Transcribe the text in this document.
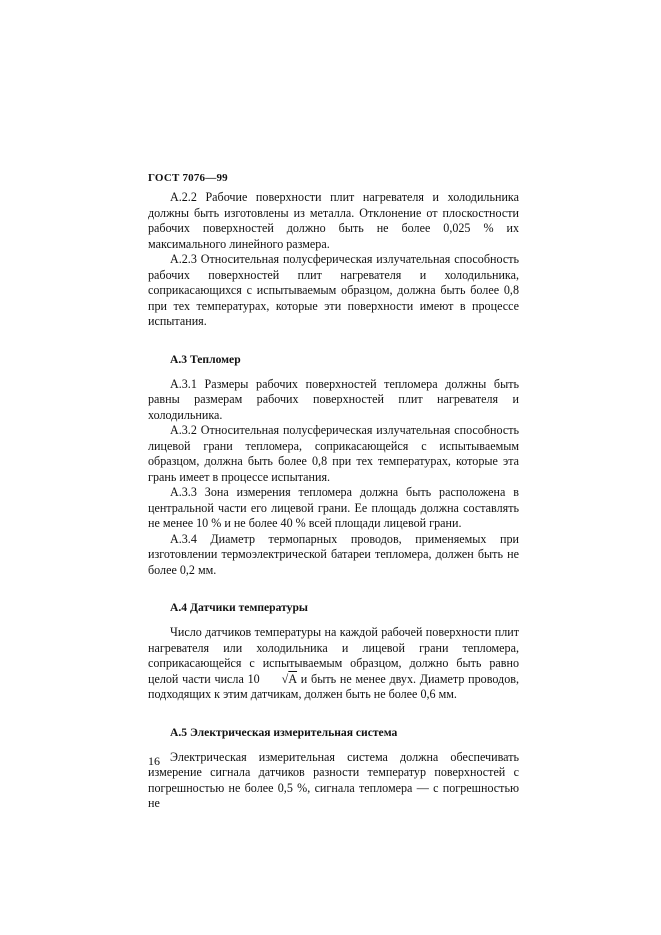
ГОСТ 7076—99

А.2.2 Рабочие поверхности плит нагревателя и холодильника должны быть изготовлены из металла. Отклонение от плоскостности рабочих поверхностей должно быть не более 0,025 % их максимального линейного размера.

А.2.3 Относительная полусферическая излучательная способность рабочих поверхностей плит нагревателя и холодильника, соприкасающихся с испытываемым образцом, должна быть более 0,8 при тех температурах, которые эти поверхности имеют в процессе испытания.

А.3 Тепломер

А.3.1 Размеры рабочих поверхностей тепломера должны быть равны размерам рабочих поверхностей плит нагревателя и холодильника.

А.3.2 Относительная полусферическая излучательная способность лицевой грани тепломера, соприкасающейся с испытываемым образцом, должна быть более 0,8 при тех температурах, которые эта грань имеет в процессе испытания.

А.3.3 Зона измерения тепломера должна быть расположена в центральной части его лицевой грани. Ее площадь должна составлять не менее 10 % и не более 40 % всей площади лицевой грани.

А.3.4 Диаметр термопарных проводов, применяемых при изготовлении термоэлектрической батареи тепломера, должен быть не более 0,2 мм.

А.4 Датчики температуры

Число датчиков температуры на каждой рабочей поверхности плит нагревателя или холодильника и лицевой грани тепломера, соприкасающейся с испытываемым образцом, должно быть равно целой части числа 10 √A и быть не менее двух. Диаметр проводов, подходящих к этим датчикам, должен быть не более 0,6 мм.

А.5 Электрическая измерительная система

Электрическая измерительная система должна обеспечивать измерение сигнала датчиков разности температур поверхностей с погрешностью не более 0,5 %, сигнала тепломера — с погрешностью не

16
